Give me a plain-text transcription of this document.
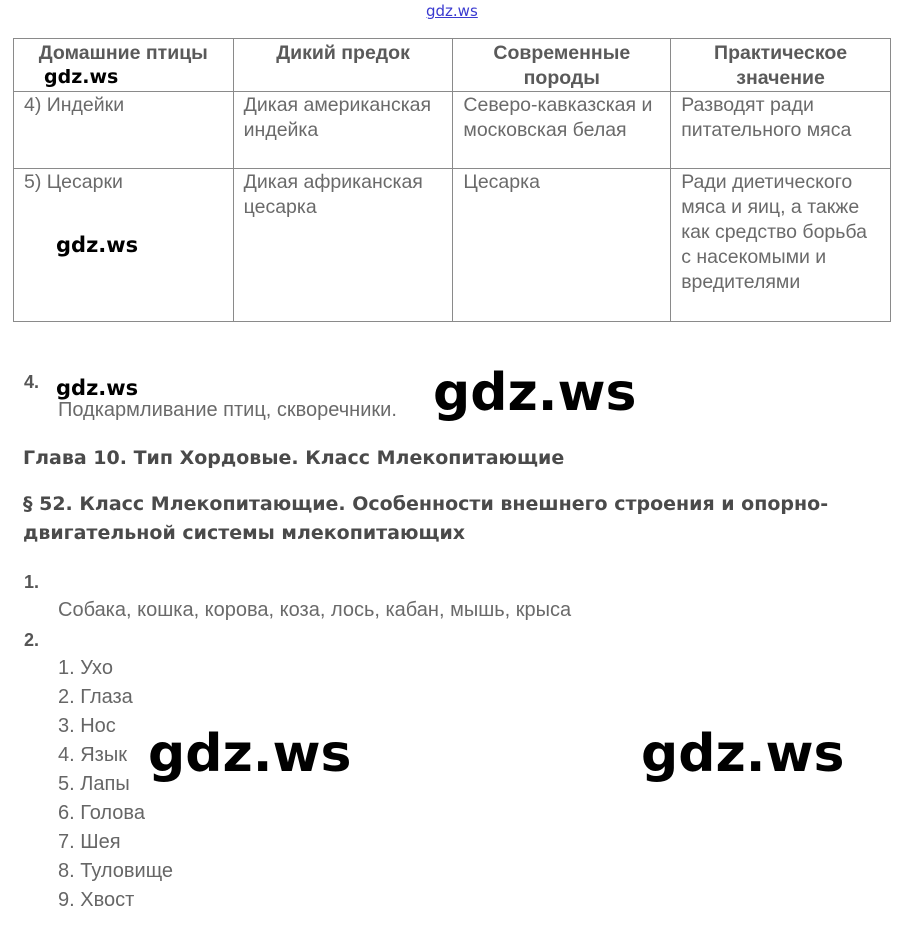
gdz.ws
Домашние птицы	Дикий предок	Современные породы	Практическое значение
4) Индейки	Дикая американская индейка	Северо-кавказская и московская белая	Разводят ради питательного мяса
5) Цесарки	Дикая африканская цесарка	Цесарка	Ради диетического мяса и яиц, а также как средство борьба с насекомыми и вредителями
gdz.ws
gdz.ws
4. gdz.ws
Подкармливание птиц, скворечники. gdz.ws
Глава 10. Тип Хордовые. Класс Млекопитающие
§ 52. Класс Млекопитающие. Особенности внешнего строения и опорно-двигательной системы млекопитающих
1.
Собака, кошка, корова, коза, лось, кабан, мышь, крыса
2.
1. Ухо
2. Глаза
3. Нос
4. Язык
5. Лапы
6. Голова
7. Шея
8. Туловище
9. Хвост
gdz.ws	gdz.ws
